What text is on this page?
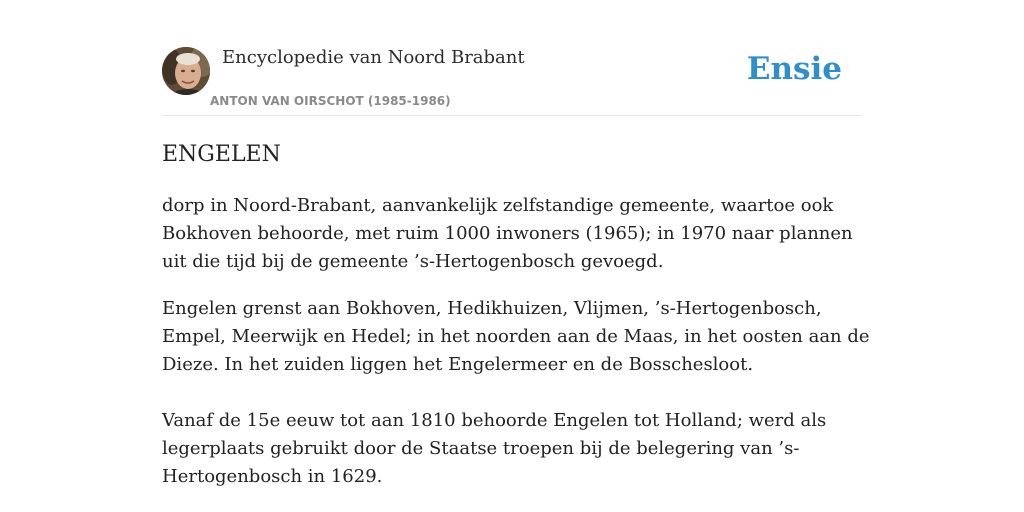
Encyclopedie van Noord Brabant
ANTON VAN OIRSCHOT (1985-1986)
Ensie
ENGELEN

dorp in Noord-Brabant, aanvankelijk zelfstandige gemeente, waartoe ook Bokhoven behoorde, met ruim 1000 inwoners (1965); in 1970 naar plannen uit die tijd bij de gemeente ’s-Hertogenbosch gevoegd.

Engelen grenst aan Bokhoven, Hedikhuizen, Vlijmen, ’s-Hertogenbosch, Empel, Meerwijk en Hedel; in het noorden aan de Maas, in het oosten aan de Dieze. In het zuiden liggen het Engelermeer en de Bosschesloot.

Vanaf de 15e eeuw tot aan 1810 behoorde Engelen tot Holland; werd als legerplaats gebruikt door de Staatse troepen bij de belegering van ’s-Hertogenbosch in 1629.
